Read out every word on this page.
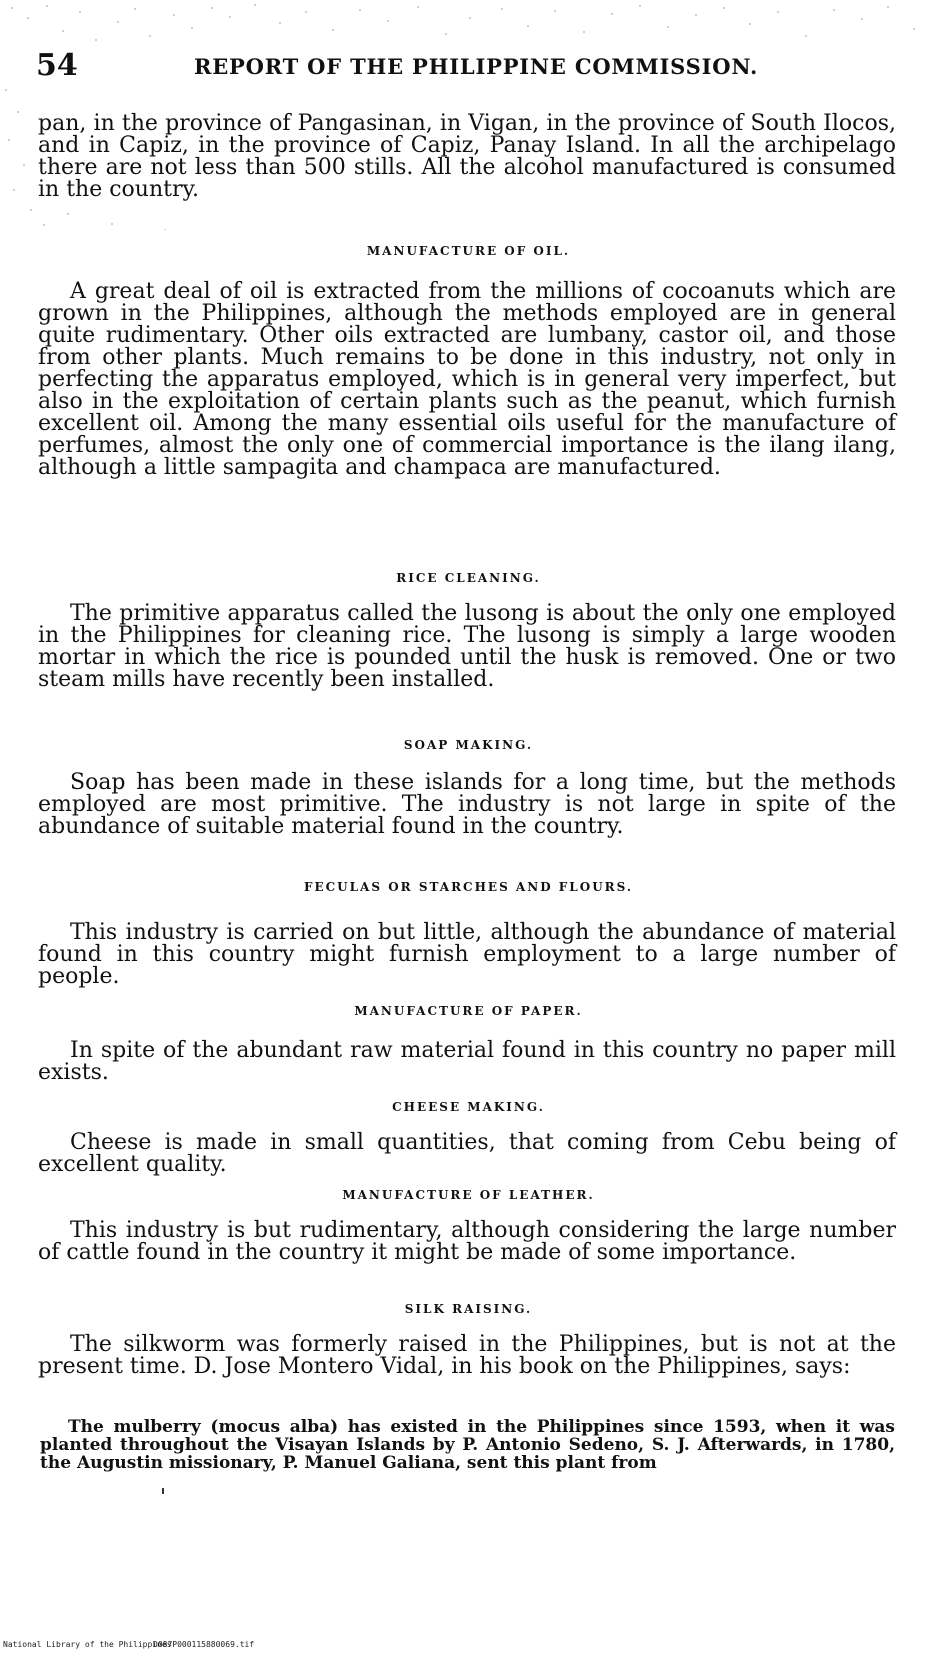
54	REPORT OF THE PHILIPPINE COMMISSION.

pan, in the province of Pangasinan, in Vigan, in the province of South Ilocos, and in Capiz, in the province of Capiz, Panay Island. In all the archipelago there are not less than 500 stills. All the alcohol manufactured is consumed in the country.

MANUFACTURE OF OIL.

A great deal of oil is extracted from the millions of cocoanuts which are grown in the Philippines, although the methods employed are in general quite rudimentary. Other oils extracted are lumbany, castor oil, and those from other plants. Much remains to be done in this industry, not only in perfecting the apparatus employed, which is in general very imperfect, but also in the exploitation of certain plants such as the peanut, which furnish excellent oil. Among the many essential oils useful for the manufacture of perfumes, almost the only one of commercial importance is the ilang ilang, although a little sampagita and champaca are manufactured.

RICE CLEANING.

The primitive apparatus called the lusong is about the only one employed in the Philippines for cleaning rice. The lusong is simply a large wooden mortar in which the rice is pounded until the husk is removed. One or two steam mills have recently been installed.

SOAP MAKING.

Soap has been made in these islands for a long time, but the methods employed are most primitive. The industry is not large in spite of the abundance of suitable material found in the country.

FECULAS OR STARCHES AND FLOURS.

This industry is carried on but little, although the abundance of material found in this country might furnish employment to a large number of people.

MANUFACTURE OF PAPER.

In spite of the abundant raw material found in this country no paper mill exists.

CHEESE MAKING.

Cheese is made in small quantities, that coming from Cebu being of excellent quality.

MANUFACTURE OF LEATHER.

This industry is but rudimentary, although considering the large number of cattle found in the country it might be made of some importance.

SILK RAISING.

The silkworm was formerly raised in the Philippines, but is not at the present time. D. Jose Montero Vidal, in his book on the Philippines, says:

The mulberry (mocus alba) has existed in the Philippines since 1593, when it was planted throughout the Visayan Islands by P. Antonio Sedeno, S. J. Afterwards, in 1780, the Augustin missionary, P. Manuel Galiana, sent this plant from

National Library of the Philippines
D087P000115880069.tif
